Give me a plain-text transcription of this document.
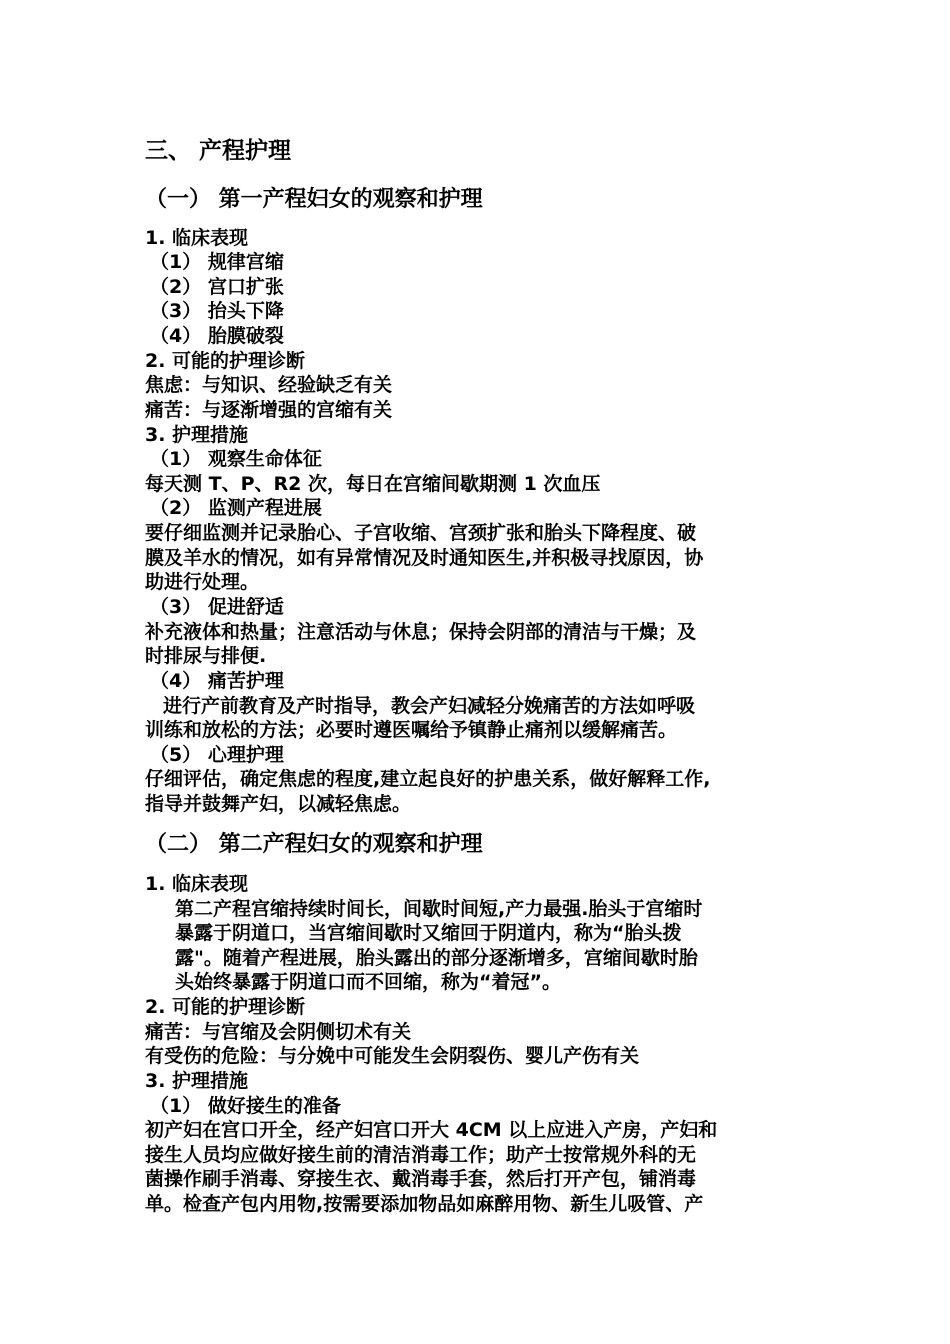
三、 产程护理
（一） 第一产程妇女的观察和护理
1. 临床表现
（1） 规律宫缩
（2） 宫口扩张
（3） 抬头下降
（4） 胎膜破裂
2. 可能的护理诊断
焦虑：与知识、经验缺乏有关
痛苦：与逐渐增强的宫缩有关
3. 护理措施
（1） 观察生命体征
每天测 T、P、R2 次，每日在宫缩间歇期测 1 次血压
（2） 监测产程进展
要仔细监测并记录胎心、子宫收缩、宫颈扩张和胎头下降程度、破
膜及羊水的情况，如有异常情况及时通知医生,并积极寻找原因，协
助进行处理。
（3） 促进舒适
补充液体和热量；注意活动与休息；保持会阴部的清洁与干燥；及
时排尿与排便.
（4） 痛苦护理
进行产前教育及产时指导，教会产妇减轻分娩痛苦的方法如呼吸
训练和放松的方法；必要时遵医嘱给予镇静止痛剂以缓解痛苦。
（5） 心理护理
仔细评估，确定焦虑的程度,建立起良好的护患关系，做好解释工作,
指导并鼓舞产妇，以减轻焦虑。
（二） 第二产程妇女的观察和护理
1. 临床表现
第二产程宫缩持续时间长，间歇时间短,产力最强.胎头于宫缩时
暴露于阴道口，当宫缩间歇时又缩回于阴道内，称为“胎头拨
露"。随着产程进展，胎头露出的部分逐渐增多，宫缩间歇时胎
头始终暴露于阴道口而不回缩，称为“着冠”。
2. 可能的护理诊断
痛苦：与宫缩及会阴侧切术有关
有受伤的危险：与分娩中可能发生会阴裂伤、婴儿产伤有关
3. 护理措施
（1） 做好接生的准备
初产妇在宫口开全，经产妇宫口开大 4CM 以上应进入产房，产妇和
接生人员均应做好接生前的清洁消毒工作；助产士按常规外科的无
菌操作刷手消毒、穿接生衣、戴消毒手套，然后打开产包，铺消毒
单。检查产包内用物,按需要添加物品如麻醉用物、新生儿吸管、产
